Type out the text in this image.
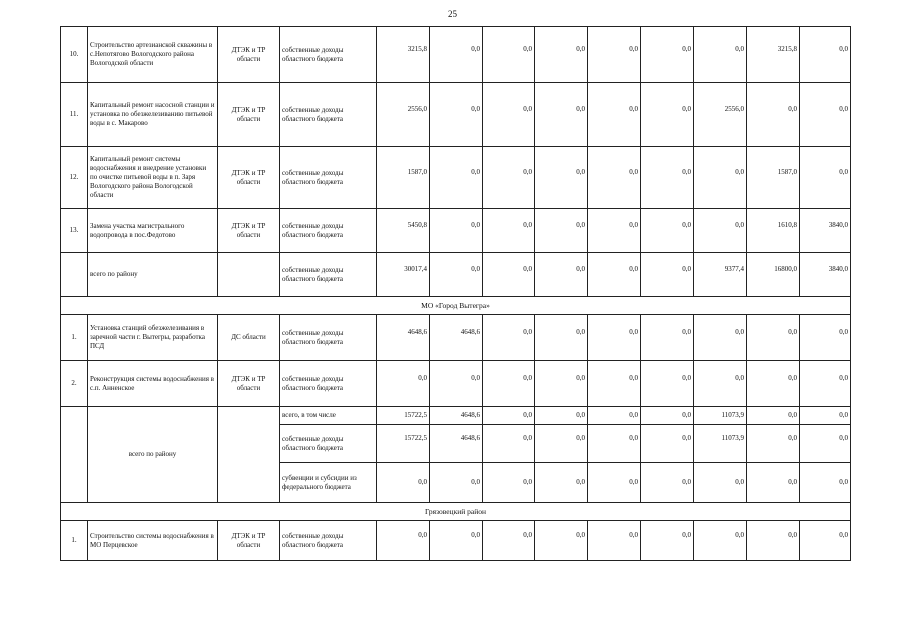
25
10.	Строительство артезианской скважины в с.Непотягово Вологодского района Вологодской области	ДТЭК и ТР области	собственные доходы областного бюджета	3215,8	0,0	0,0	0,0	0,0	0,0	0,0	3215,8	0,0
11.	Капитальный ремонт насосной станции и установка по обезжелезиванию питьевой воды в с. Макарово	ДТЭК и ТР области	собственные доходы областного бюджета	2556,0	0,0	0,0	0,0	0,0	0,0	2556,0	0,0	0,0
12.	Капитальный ремонт системы водоснабжения и внедрение установки по очистке питьевой воды в п. Заря Вологодского района Вологодской области	ДТЭК и ТР области	собственные доходы областного бюджета	1587,0	0,0	0,0	0,0	0,0	0,0	0,0	1587,0	0,0
13.	Замена участка магистрального водопровода в пос.Федотово	ДТЭК и ТР области	собственные доходы областного бюджета	5450,8	0,0	0,0	0,0	0,0	0,0	0,0	1610,8	3840,0
	всего по району		собственные доходы областного бюджета	30017,4	0,0	0,0	0,0	0,0	0,0	9377,4	16800,0	3840,0
МО «Город Вытегра»												
1.	Установка станций обезжелезивания в заречной части г. Вытегры, разработка ПСД	ДС области	собственные доходы областного бюджета	4648,6	4648,6	0,0	0,0	0,0	0,0	0,0	0,0	0,0
2.	Реконструкция системы водоснабжения в с.п. Анненское	ДТЭК и ТР области	собственные доходы областного бюджета	0,0	0,0	0,0	0,0	0,0	0,0	0,0	0,0	0,0
	всего по району		всего, в том числе	15722,5	4648,6	0,0	0,0	0,0	0,0	11073,9	0,0	0,0
			собственные доходы областного бюджета	15722,5	4648,6	0,0	0,0	0,0	0,0	11073,9	0,0	0,0
			субвенции и субсидии из федерального бюджета	0,0	0,0	0,0	0,0	0,0	0,0	0,0	0,0	0,0
Грязовецкий район												
1.	Строительство системы водоснабжения в МО Перцевское	ДТЭК и ТР области	собственные доходы областного бюджета	0,0	0,0	0,0	0,0	0,0	0,0	0,0	0,0	0,0
